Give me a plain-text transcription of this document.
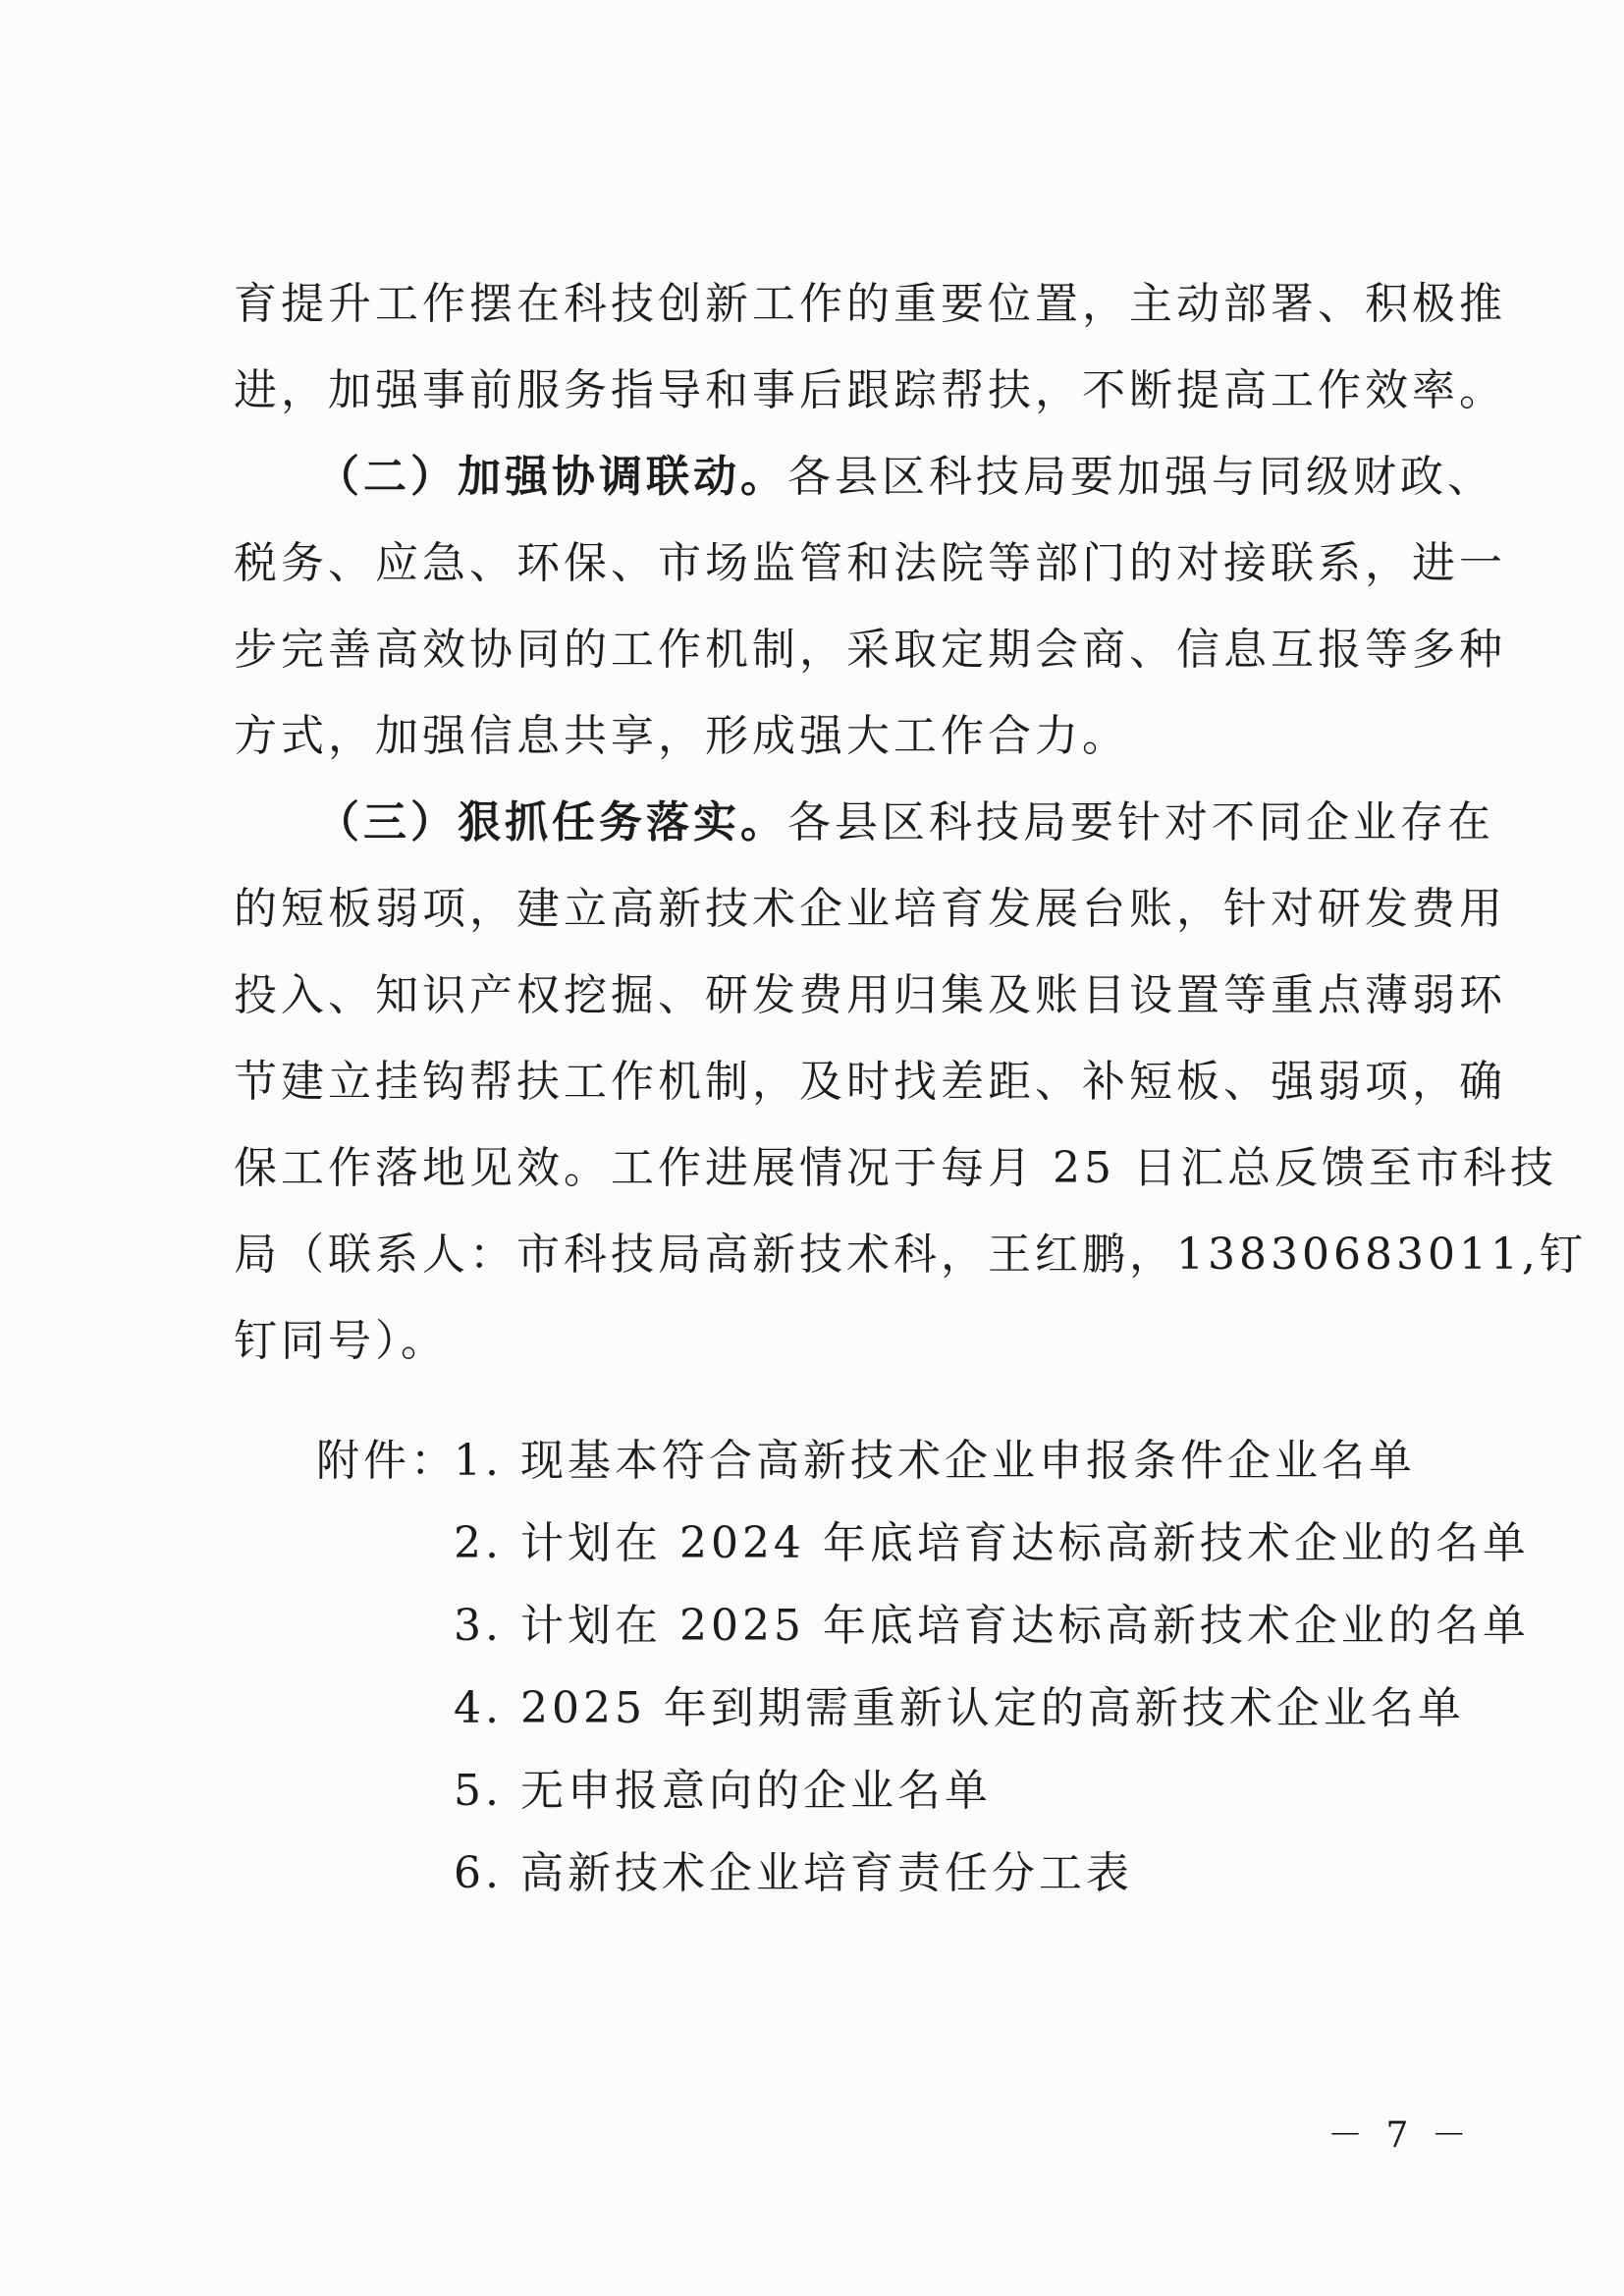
育提升工作摆在科技创新工作的重要位置，主动部署、积极推
进，加强事前服务指导和事后跟踪帮扶，不断提高工作效率。
（二）加强协调联动。各县区科技局要加强与同级财政、
税务、应急、环保、市场监管和法院等部门的对接联系，进一
步完善高效协同的工作机制，采取定期会商、信息互报等多种
方式，加强信息共享，形成强大工作合力。
（三）狠抓任务落实。各县区科技局要针对不同企业存在
的短板弱项，建立高新技术企业培育发展台账，针对研发费用
投入、知识产权挖掘、研发费用归集及账目设置等重点薄弱环
节建立挂钩帮扶工作机制，及时找差距、补短板、强弱项，确
保工作落地见效。工作进展情况于每月 25 日汇总反馈至市科技
局（联系人：市科技局高新技术科，王红鹏，13830683011,钉
钉同号）。
附件：
1. 现基本符合高新技术企业申报条件企业名单
2. 计划在 2024 年底培育达标高新技术企业的名单
3. 计划在 2025 年底培育达标高新技术企业的名单
4. 2025 年到期需重新认定的高新技术企业名单
5. 无申报意向的企业名单
6. 高新技术企业培育责任分工表
－ 7 －
